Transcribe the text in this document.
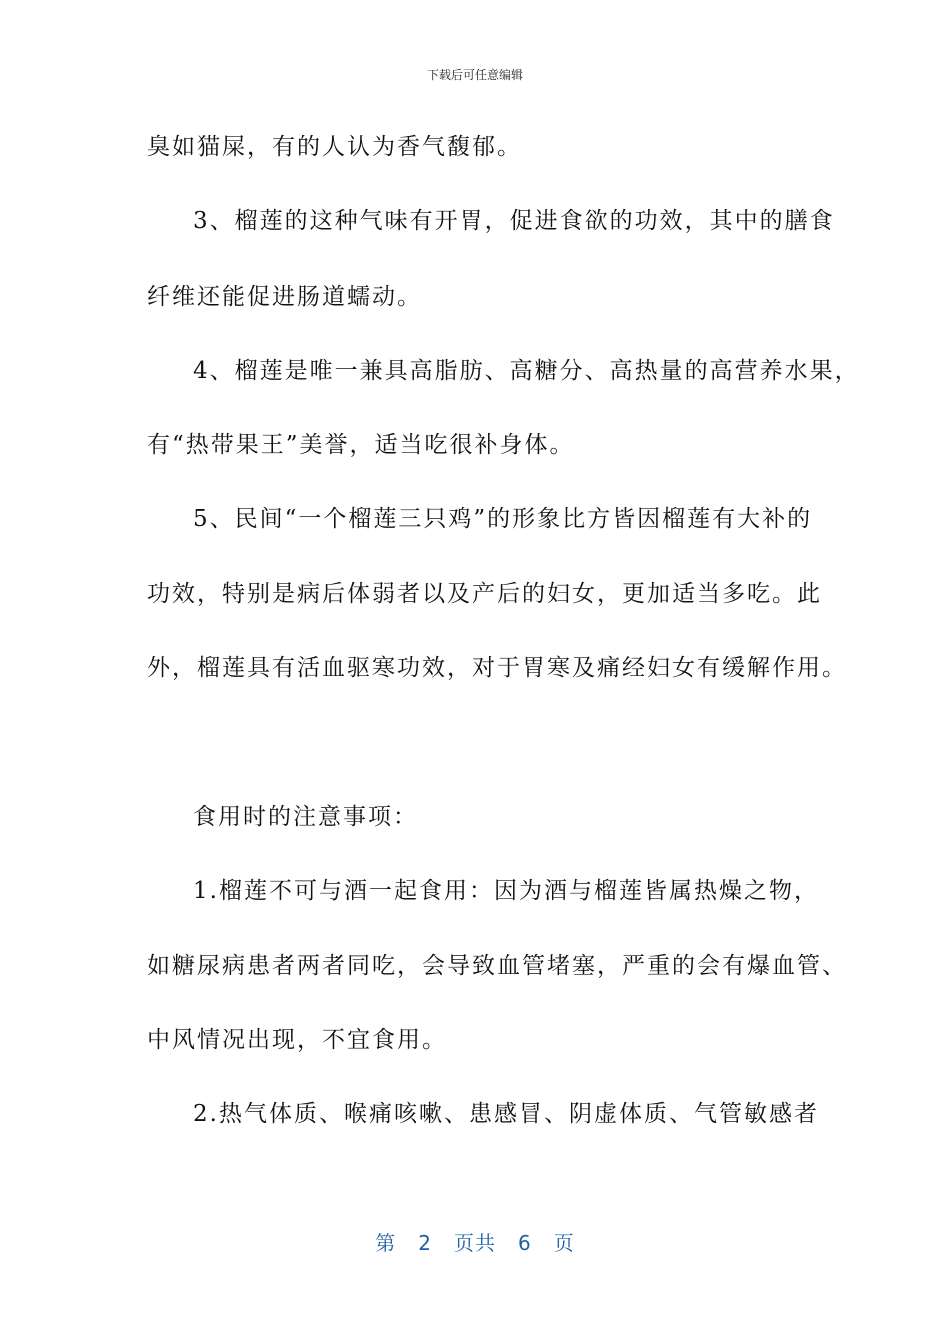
下载后可任意编辑
臭如猫屎，有的人认为香气馥郁。
3、榴莲的这种气味有开胃，促进食欲的功效，其中的膳食
纤维还能促进肠道蠕动。
4、榴莲是唯一兼具高脂肪、高糖分、高热量的高营养水果，
有“热带果王”美誉，适当吃很补身体。
5、民间“一个榴莲三只鸡”的形象比方皆因榴莲有大补的
功效，特别是病后体弱者以及产后的妇女，更加适当多吃。此
外，榴莲具有活血驱寒功效，对于胃寒及痛经妇女有缓解作用。
食用时的注意事项：
1.榴莲不可与酒一起食用：因为酒与榴莲皆属热燥之物，
如糖尿病患者两者同吃，会导致血管堵塞，严重的会有爆血管、
中风情况出现，不宜食用。
2.热气体质、喉痛咳嗽、患感冒、阴虚体质、气管敏感者
第 2 页共 6 页
